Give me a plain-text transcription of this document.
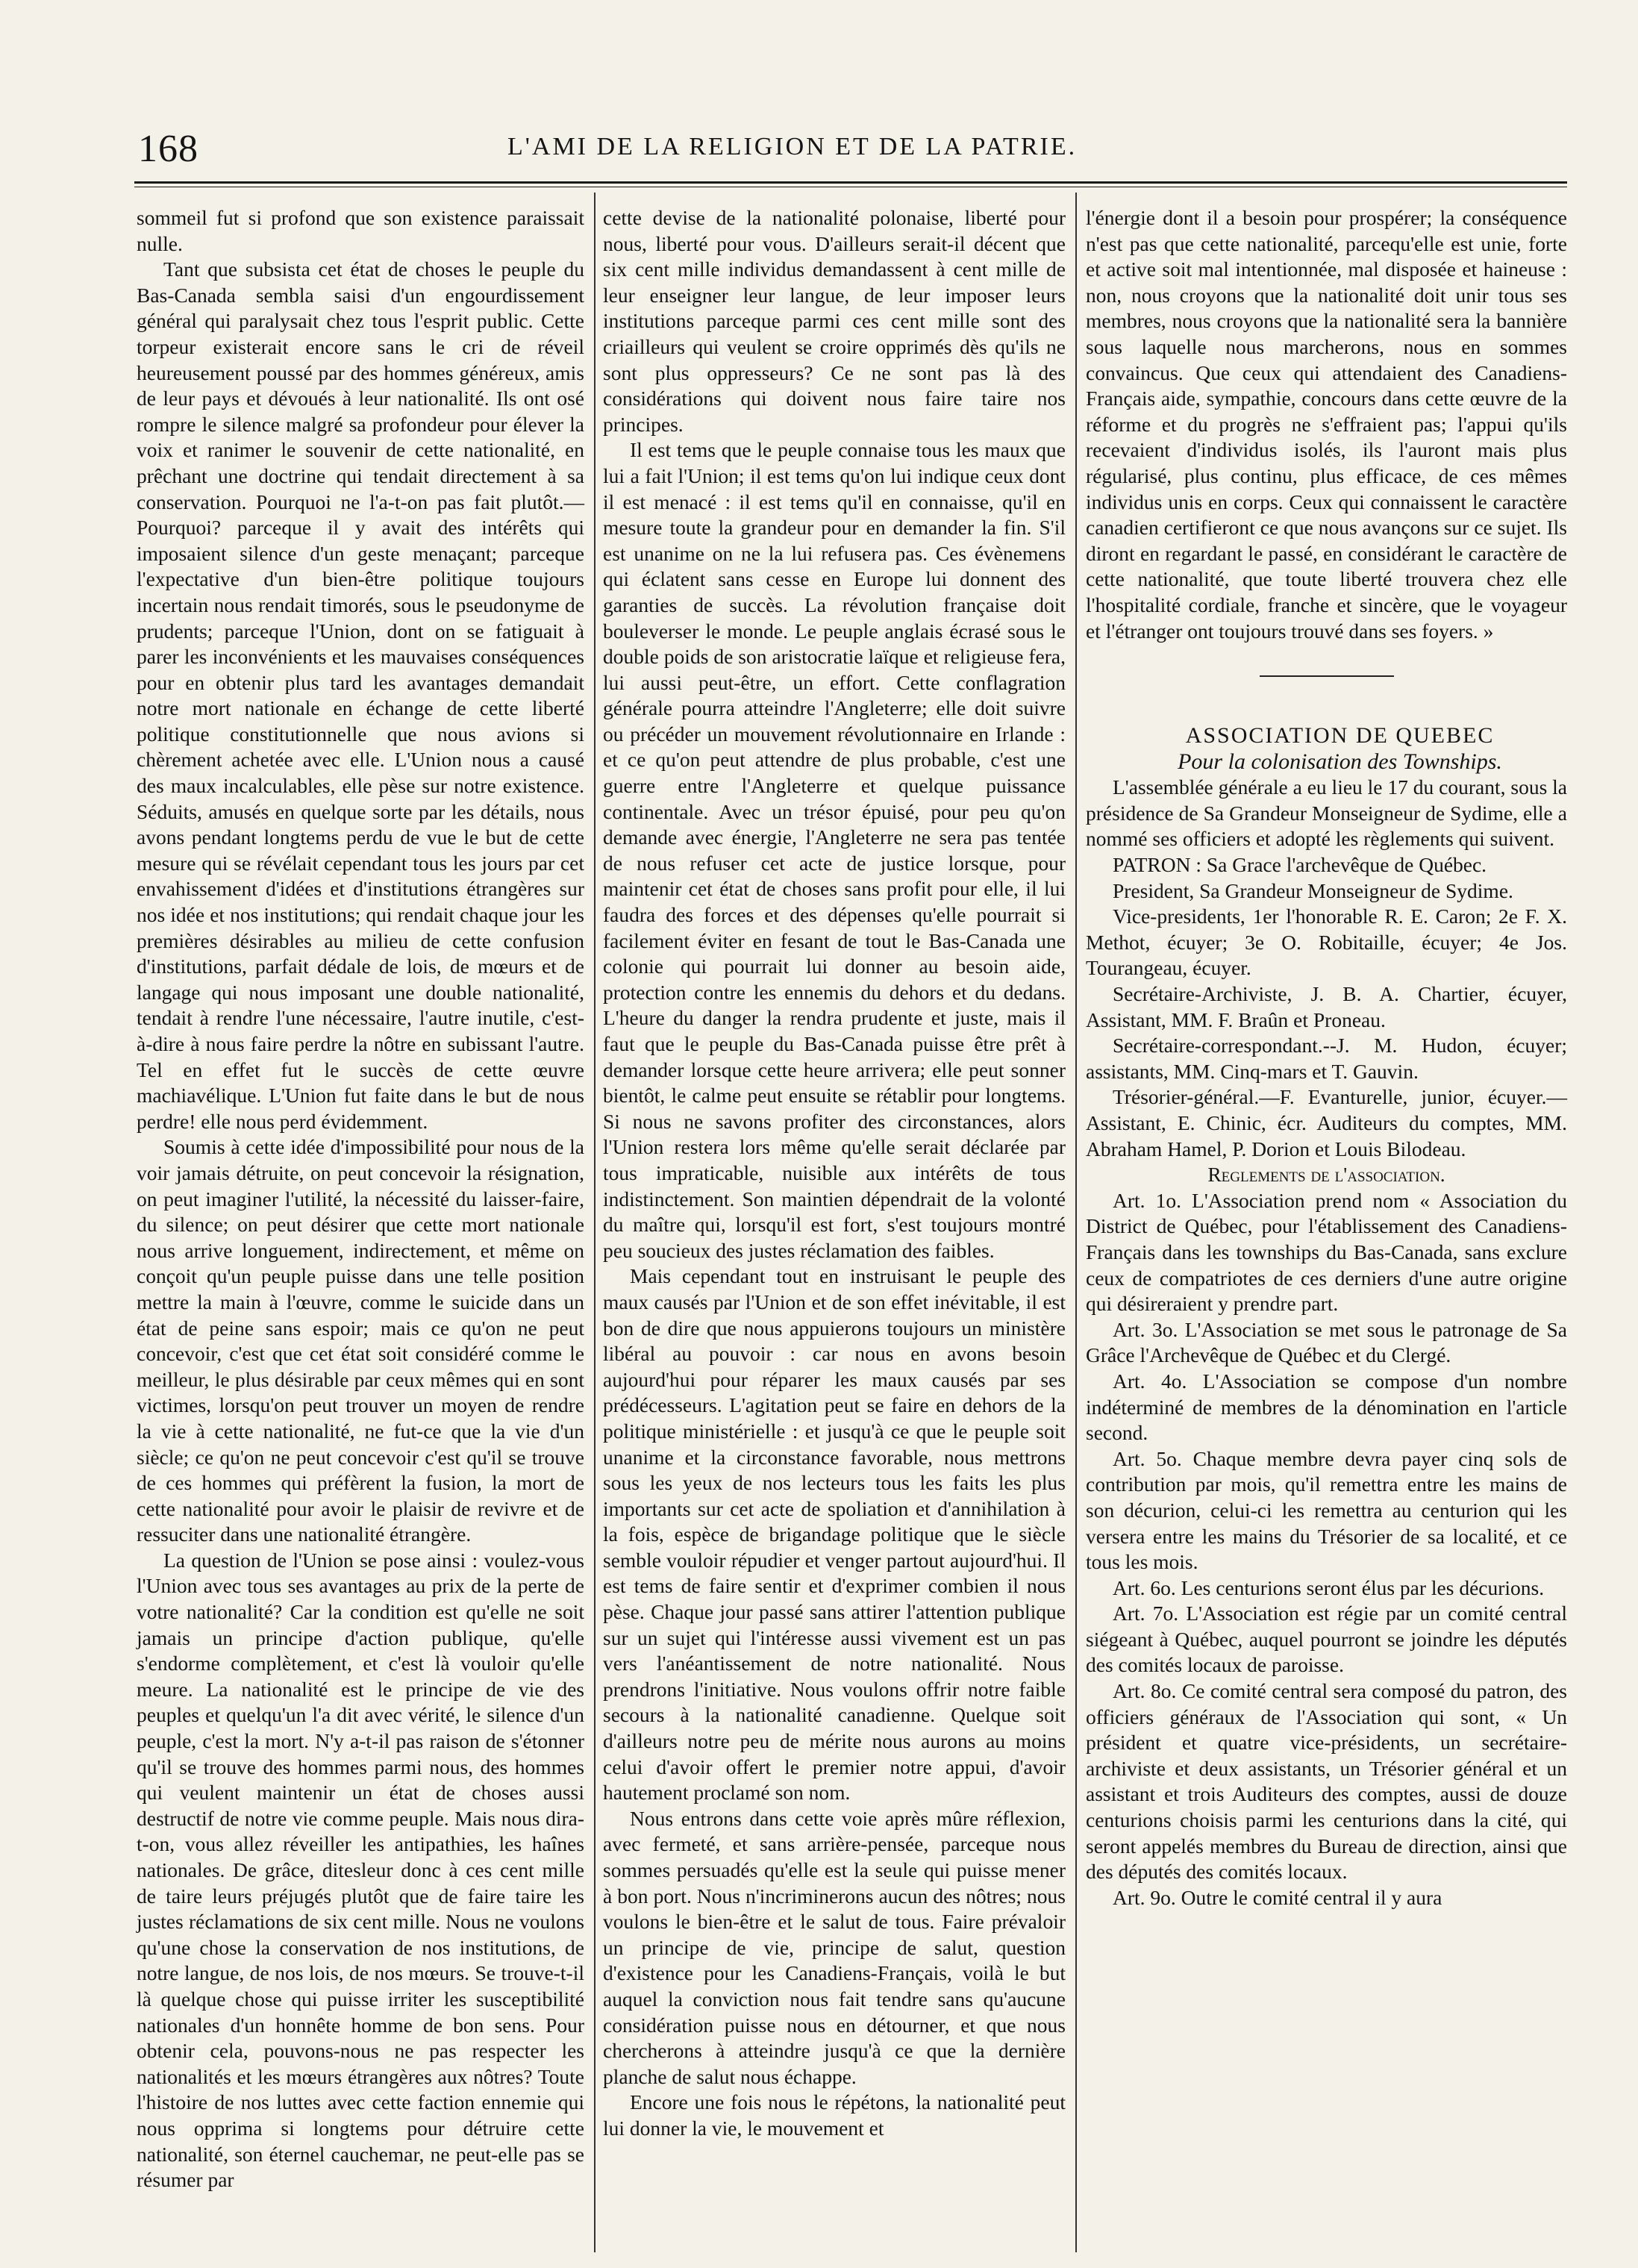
168	L'AMI DE LA RELIGION ET DE LA PATRIE.

sommeil fut si profond que son existence paraissait nulle.

Tant que subsista cet état de choses le peuple du Bas-Canada sembla saisi d'un engourdissement général qui paralysait chez tous l'esprit public. Cette torpeur existerait encore sans le cri de réveil heureusement poussé par des hommes généreux, amis de leur pays et dévoués à leur nationalité. Ils ont osé rompre le silence malgré sa profondeur pour élever la voix et ranimer le souvenir de cette nationalité, en prêchant une doctrine qui tendait directement à sa conservation. Pourquoi ne l'a-t-on pas fait plutôt.—Pourquoi? parceque il y avait des intérêts qui imposaient silence d'un geste menaçant; parceque l'expectative d'un bien-être politique toujours incertain nous rendait timorés, sous le pseudonyme de prudents; parceque l'Union, dont on se fatiguait à parer les inconvénients et les mauvaises conséquences pour en obtenir plus tard les avantages demandait notre mort nationale en échange de cette liberté politique constitutionnelle que nous avions si chèrement achetée avec elle. L'Union nous a causé des maux incalculables, elle pèse sur notre existence. Séduits, amusés en quelque sorte par les détails, nous avons pendant longtems perdu de vue le but de cette mesure qui se révélait cependant tous les jours par cet envahissement d'idées et d'institutions étrangères sur nos idée et nos institutions; qui rendait chaque jour les premières désirables au milieu de cette confusion d'institutions, parfait dédale de lois, de mœurs et de langage qui nous imposant une double nationalité, tendait à rendre l'une nécessaire, l'autre inutile, c'est-à-dire à nous faire perdre la nôtre en subissant l'autre. Tel en effet fut le succès de cette œuvre machiavélique. L'Union fut faite dans le but de nous perdre! elle nous perd évidemment.

Soumis à cette idée d'impossibilité pour nous de la voir jamais détruite, on peut concevoir la résignation, on peut imaginer l'utilité, la nécessité du laisser-faire, du silence; on peut désirer que cette mort nationale nous arrive longuement, indirectement, et même on conçoit qu'un peuple puisse dans une telle position mettre la main à l'œuvre, comme le suicide dans un état de peine sans espoir; mais ce qu'on ne peut concevoir, c'est que cet état soit considéré comme le meilleur, le plus désirable par ceux mêmes qui en sont victimes, lorsqu'on peut trouver un moyen de rendre la vie à cette nationalité, ne fut-ce que la vie d'un siècle; ce qu'on ne peut concevoir c'est qu'il se trouve de ces hommes qui préfèrent la fusion, la mort de cette nationalité pour avoir le plaisir de revivre et de ressuciter dans une nationalité étrangère.

La question de l'Union se pose ainsi : voulez-vous l'Union avec tous ses avantages au prix de la perte de votre nationalité? Car la condition est qu'elle ne soit jamais un principe d'action publique, qu'elle s'endorme complètement, et c'est là vouloir qu'elle meure. La nationalité est le principe de vie des peuples et quelqu'un l'a dit avec vérité, le silence d'un peuple, c'est la mort. N'y a-t-il pas raison de s'étonner qu'il se trouve des hommes parmi nous, des hommes qui veulent maintenir un état de choses aussi destructif de notre vie comme peuple. Mais nous dira-t-on, vous allez réveiller les antipathies, les haînes nationales. De grâce, ditesleur donc à ces cent mille de taire leurs préjugés plutôt que de faire taire les justes réclamations de six cent mille. Nous ne voulons qu'une chose la conservation de nos institutions, de notre langue, de nos lois, de nos mœurs. Se trouve-t-il là quelque chose qui puisse irriter les susceptibilité nationales d'un honnête homme de bon sens. Pour obtenir cela, pouvons-nous ne pas respecter les nationalités et les mœurs étrangères aux nôtres? Toute l'histoire de nos luttes avec cette faction ennemie qui nous opprima si longtems pour détruire cette nationalité, son éternel cauchemar, ne peut-elle pas se résumer par

cette devise de la nationalité polonaise, liberté pour nous, liberté pour vous. D'ailleurs serait-il décent que six cent mille individus demandassent à cent mille de leur enseigner leur langue, de leur imposer leurs institutions parceque parmi ces cent mille sont des criailleurs qui veulent se croire opprimés dès qu'ils ne sont plus oppresseurs? Ce ne sont pas là des considérations qui doivent nous faire taire nos principes.

Il est tems que le peuple connaise tous les maux que lui a fait l'Union; il est tems qu'on lui indique ceux dont il est menacé : il est tems qu'il en connaisse, qu'il en mesure toute la grandeur pour en demander la fin. S'il est unanime on ne la lui refusera pas. Ces évènemens qui éclatent sans cesse en Europe lui donnent des garanties de succès. La révolution française doit bouleverser le monde. Le peuple anglais écrasé sous le double poids de son aristocratie laïque et religieuse fera, lui aussi peut-être, un effort. Cette conflagration générale pourra atteindre l'Angleterre; elle doit suivre ou précéder un mouvement révolutionnaire en Irlande : et ce qu'on peut attendre de plus probable, c'est une guerre entre l'Angleterre et quelque puissance continentale. Avec un trésor épuisé, pour peu qu'on demande avec énergie, l'Angleterre ne sera pas tentée de nous refuser cet acte de justice lorsque, pour maintenir cet état de choses sans profit pour elle, il lui faudra des forces et des dépenses qu'elle pourrait si facilement éviter en fesant de tout le Bas-Canada une colonie qui pourrait lui donner au besoin aide, protection contre les ennemis du dehors et du dedans. L'heure du danger la rendra prudente et juste, mais il faut que le peuple du Bas-Canada puisse être prêt à demander lorsque cette heure arrivera; elle peut sonner bientôt, le calme peut ensuite se rétablir pour longtems. Si nous ne savons profiter des circonstances, alors l'Union restera lors même qu'elle serait déclarée par tous impraticable, nuisible aux intérêts de tous indistinctement. Son maintien dépendrait de la volonté du maître qui, lorsqu'il est fort, s'est toujours montré peu soucieux des justes réclamation des faibles.

Mais cependant tout en instruisant le peuple des maux causés par l'Union et de son effet inévitable, il est bon de dire que nous appuierons toujours un ministère libéral au pouvoir : car nous en avons besoin aujourd'hui pour réparer les maux causés par ses prédécesseurs. L'agitation peut se faire en dehors de la politique ministérielle : et jusqu'à ce que le peuple soit unanime et la circonstance favorable, nous mettrons sous les yeux de nos lecteurs tous les faits les plus importants sur cet acte de spoliation et d'annihilation à la fois, espèce de brigandage politique que le siècle semble vouloir répudier et venger partout aujourd'hui. Il est tems de faire sentir et d'exprimer combien il nous pèse. Chaque jour passé sans attirer l'attention publique sur un sujet qui l'intéresse aussi vivement est un pas vers l'anéantissement de notre nationalité. Nous prendrons l'initiative. Nous voulons offrir notre faible secours à la nationalité canadienne. Quelque soit d'ailleurs notre peu de mérite nous aurons au moins celui d'avoir offert le premier notre appui, d'avoir hautement proclamé son nom.

Nous entrons dans cette voie après mûre réflexion, avec fermeté, et sans arrière-pensée, parceque nous sommes persuadés qu'elle est la seule qui puisse mener à bon port. Nous n'incriminerons aucun des nôtres; nous voulons le bien-être et le salut de tous. Faire prévaloir un principe de vie, principe de salut, question d'existence pour les Canadiens-Français, voilà le but auquel la conviction nous fait tendre sans qu'aucune considération puisse nous en détourner, et que nous chercherons à atteindre jusqu'à ce que la dernière planche de salut nous échappe.

Encore une fois nous le répétons, la nationalité peut lui donner la vie, le mouvement et

l'énergie dont il a besoin pour prospérer; la conséquence n'est pas que cette nationalité, parcequ'elle est unie, forte et active soit mal intentionnée, mal disposée et haineuse : non, nous croyons que la nationalité doit unir tous ses membres, nous croyons que la nationalité sera la bannière sous laquelle nous marcherons, nous en sommes convaincus. Que ceux qui attendaient des Canadiens-Français aide, sympathie, concours dans cette œuvre de la réforme et du progrès ne s'effraient pas; l'appui qu'ils recevaient d'individus isolés, ils l'auront mais plus régularisé, plus continu, plus efficace, de ces mêmes individus unis en corps. Ceux qui connaissent le caractère canadien certifieront ce que nous avançons sur ce sujet. Ils diront en regardant le passé, en considérant le caractère de cette nationalité, que toute liberté trouvera chez elle l'hospitalité cordiale, franche et sincère, que le voyageur et l'étranger ont toujours trouvé dans ses foyers. »

ASSOCIATION DE QUEBEC

Pour la colonisation des Townships.

L'assemblée générale a eu lieu le 17 du courant, sous la présidence de Sa Grandeur Monseigneur de Sydime, elle a nommé ses officiers et adopté les règlements qui suivent.

PATRON : Sa Grace l'archevêque de Québec.

President, Sa Grandeur Monseigneur de Sydime.

Vice-presidents, 1er l'honorable R. E. Caron; 2e F. X. Methot, écuyer; 3e O. Robitaille, écuyer; 4e Jos. Tourangeau, écuyer.

Secrétaire-Archiviste, J. B. A. Chartier, écuyer, Assistant, MM. F. Braûn et Proneau.

Secrétaire-correspondant.--J. M. Hudon, écuyer; assistants, MM. Cinq-mars et T. Gauvin.

Trésorier-général.—F. Evanturelle, junior, écuyer.—Assistant, E. Chinic, écr. Auditeurs du comptes, MM. Abraham Hamel, P. Dorion et Louis Bilodeau.

Reglements de l'association.

Art. 1o. L'Association prend nom « Association du District de Québec, pour l'établissement des Canadiens-Français dans les townships du Bas-Canada, sans exclure ceux de compatriotes de ces derniers d'une autre origine qui désireraient y prendre part.

Art. 3o. L'Association se met sous le patronage de Sa Grâce l'Archevêque de Québec et du Clergé.

Art. 4o. L'Association se compose d'un nombre indéterminé de membres de la dénomination en l'article second.

Art. 5o. Chaque membre devra payer cinq sols de contribution par mois, qu'il remettra entre les mains de son décurion, celui-ci les remettra au centurion qui les versera entre les mains du Trésorier de sa localité, et ce tous les mois.

Art. 6o. Les centurions seront élus par les décurions.

Art. 7o. L'Association est régie par un comité central siégeant à Québec, auquel pourront se joindre les députés des comités locaux de paroisse.

Art. 8o. Ce comité central sera composé du patron, des officiers généraux de l'Association qui sont, « Un président et quatre vice-présidents, un secrétaire-archiviste et deux assistants, un Trésorier général et un assistant et trois Auditeurs des comptes, aussi de douze centurions choisis parmi les centurions dans la cité, qui seront appelés membres du Bureau de direction, ainsi que des députés des comités locaux.

Art. 9o. Outre le comité central il y aura
